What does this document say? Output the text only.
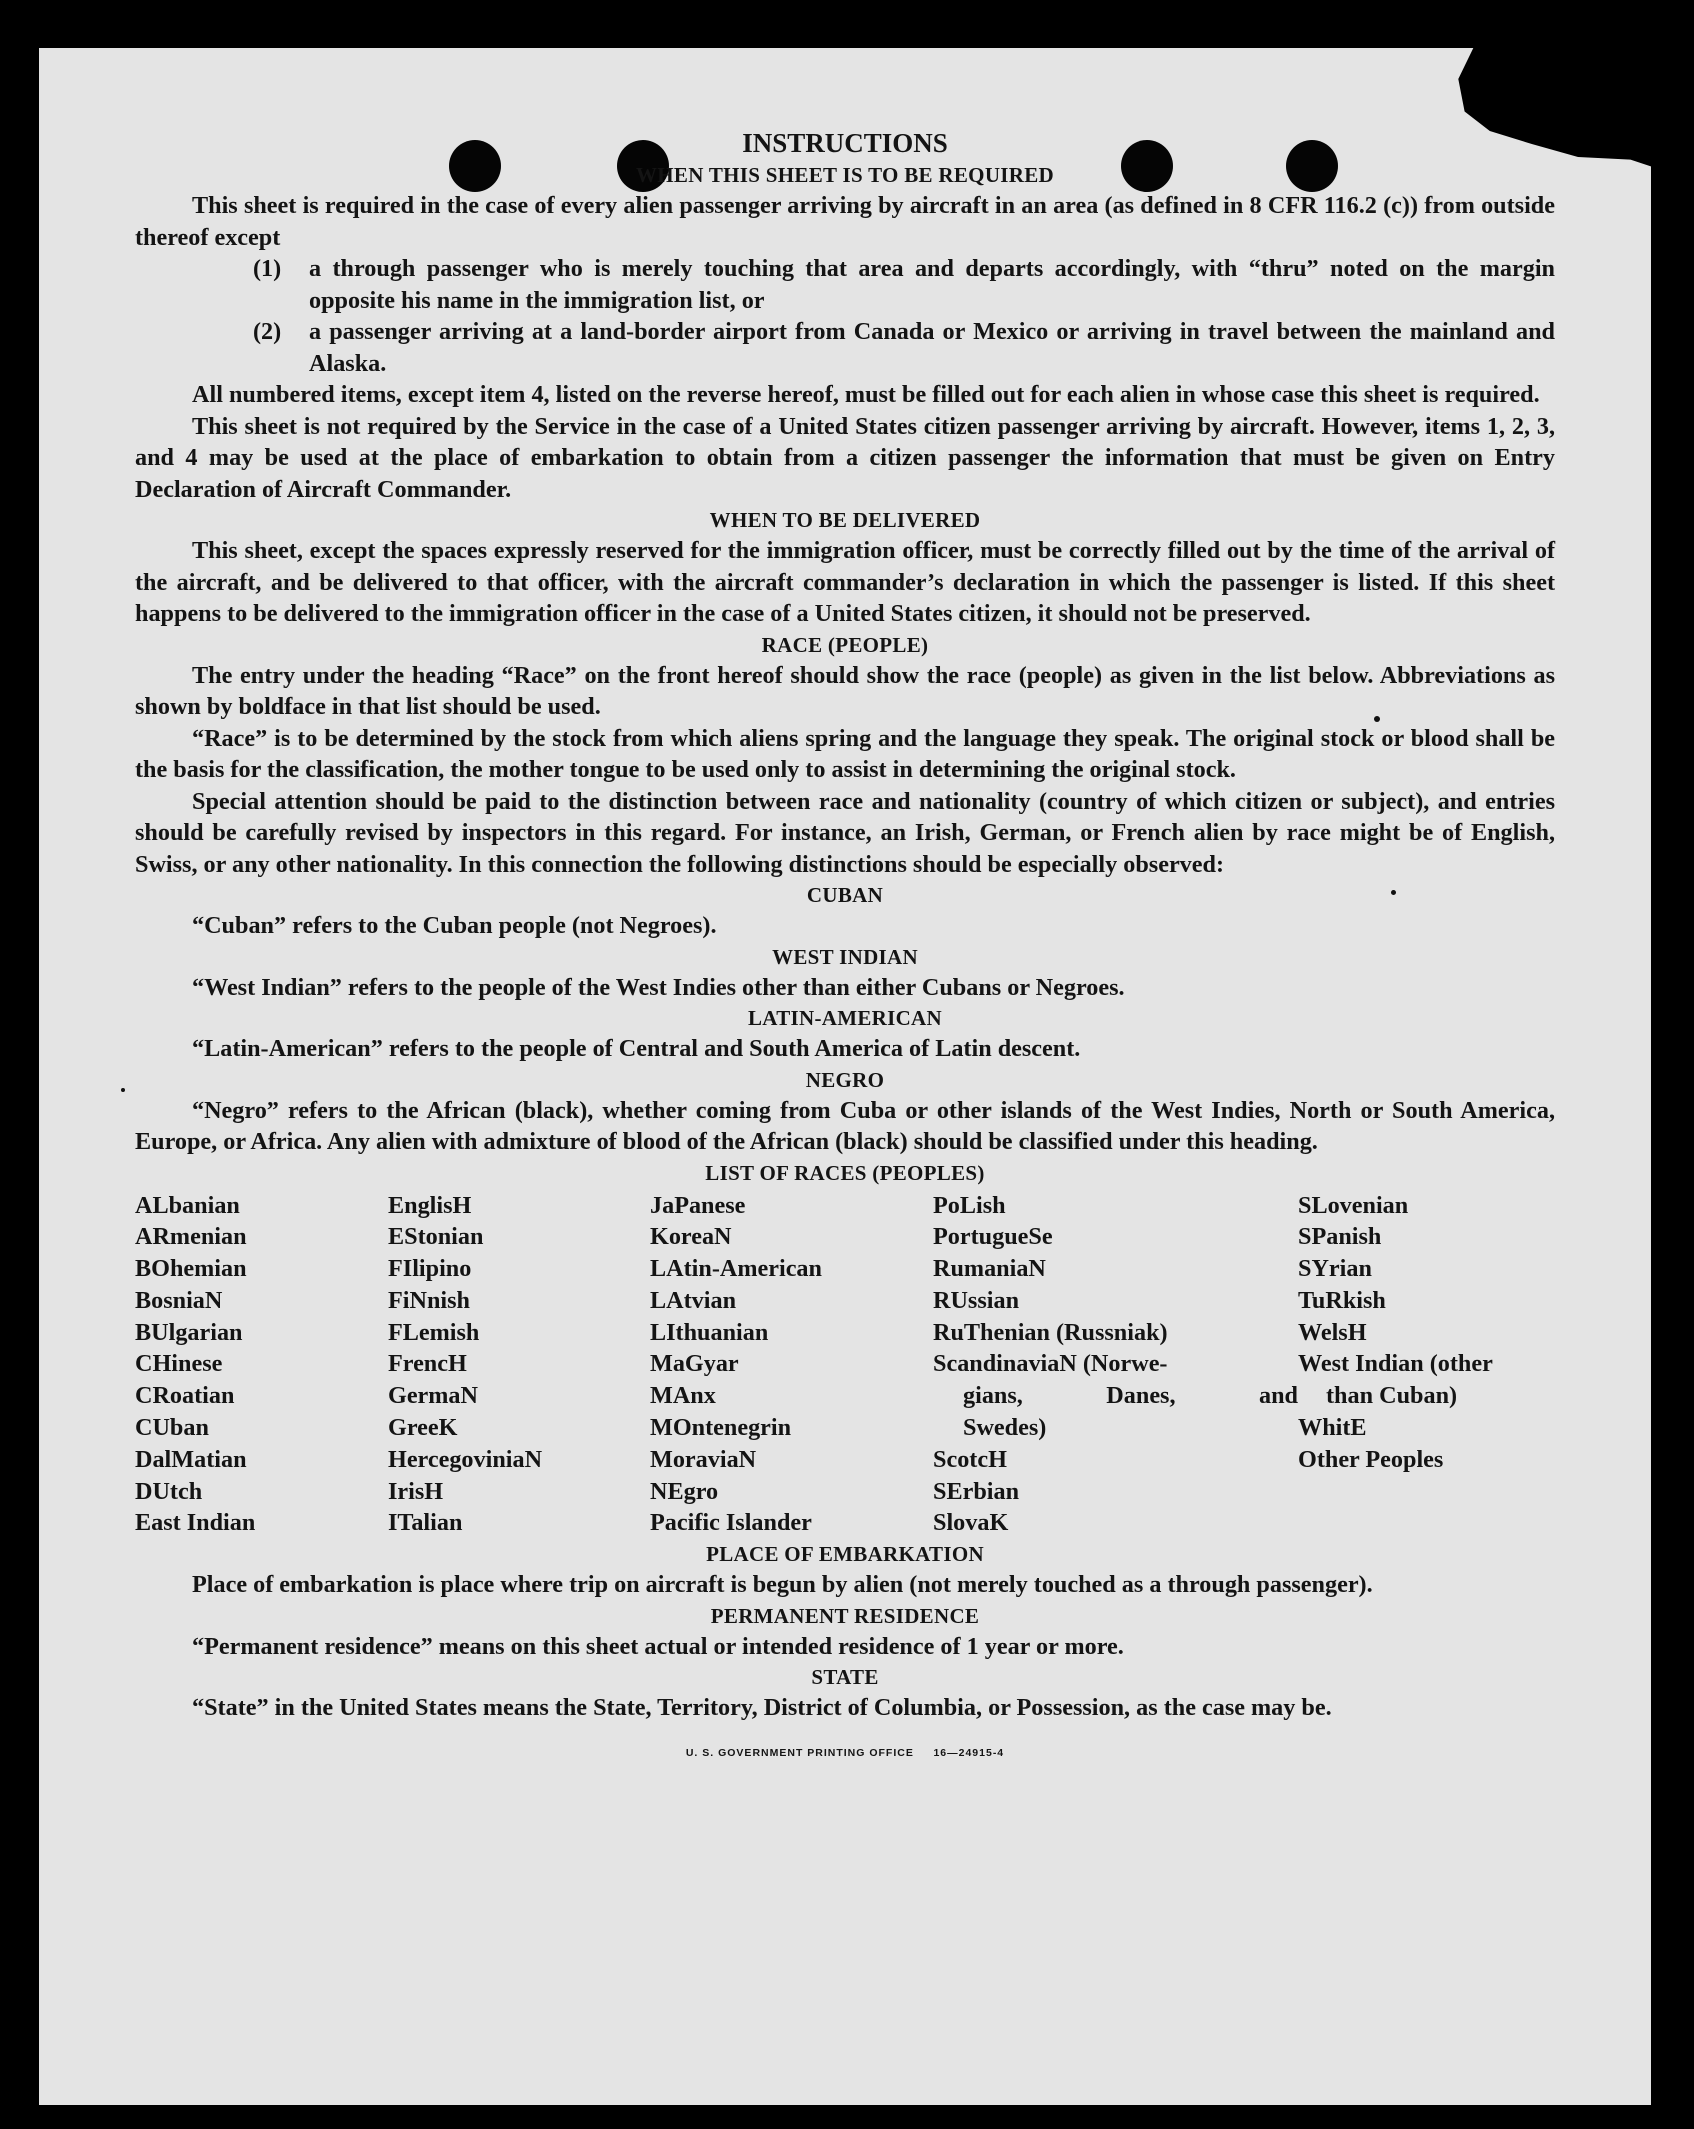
INSTRUCTIONS
WHEN THIS SHEET IS TO BE REQUIRED

This sheet is required in the case of every alien passenger arriving by aircraft in an area (as defined in 8 CFR 116.2 (c)) from outside thereof except

(1)	a through passenger who is merely touching that area and departs accordingly, with “thru” noted on the margin opposite his name in the immigration list, or
(2)	a passenger arriving at a land-border airport from Canada or Mexico or arriving in travel between the mainland and Alaska.

All numbered items, except item 4, listed on the reverse hereof, must be filled out for each alien in whose case this sheet is required.

This sheet is not required by the Service in the case of a United States citizen passenger arriving by aircraft. However, items 1, 2, 3, and 4 may be used at the place of embarkation to obtain from a citizen passenger the information that must be given on Entry Declaration of Aircraft Commander.

WHEN TO BE DELIVERED

This sheet, except the spaces expressly reserved for the immigration officer, must be correctly filled out by the time of the arrival of the aircraft, and be delivered to that officer, with the aircraft commander’s declaration in which the passenger is listed. If this sheet happens to be delivered to the immigration officer in the case of a United States citizen, it should not be preserved.

RACE (PEOPLE)

The entry under the heading “Race” on the front hereof should show the race (people) as given in the list below. Abbreviations as shown by boldface in that list should be used.

“Race” is to be determined by the stock from which aliens spring and the language they speak. The original stock or blood shall be the basis for the classification, the mother tongue to be used only to assist in determining the original stock.

Special attention should be paid to the distinction between race and nationality (country of which citizen or subject), and entries should be carefully revised by inspectors in this regard. For instance, an Irish, German, or French alien by race might be of English, Swiss, or any other nationality. In this connection the following distinctions should be especially observed:

CUBAN

“Cuban” refers to the Cuban people (not Negroes).

WEST INDIAN

“West Indian” refers to the people of the West Indies other than either Cubans or Negroes.

LATIN-AMERICAN

“Latin-American” refers to the people of Central and South America of Latin descent.

NEGRO

“Negro” refers to the African (black), whether coming from Cuba or other islands of the West Indies, North or South America, Europe, or Africa. Any alien with admixture of blood of the African (black) should be classified under this heading.

LIST OF RACES (PEOPLES)
ALbanian
ARmenian
BOhemian
BosniaN
BUlgarian
CHinese
CRoatian
CUban
DalMatian
DUtch
East Indian
EnglisH
EStonian
FIlipino
FiNnish
FLemish
FrencH
GermaN
GreeK
HercegoviniaN
IrisH
ITalian
JaPanese
KoreaN
LAtin-American
LAtvian
LIthuanian
MaGyar
MAnx
MOntenegrin
MoraviaN
NEgro
Pacific Islander
PoLish
PortugueSe
RumaniaN
RUssian
RuThenian (Russniak)
ScandinaviaN (Norwe-
gians, Danes, and
Swedes)
ScotcH
SErbian
SlovaK
SLovenian
SPanish
SYrian
TuRkish
WelsH
West Indian (other
than Cuban)
WhitE
Other Peoples
PLACE OF EMBARKATION

Place of embarkation is place where trip on aircraft is begun by alien (not merely touched as a through passenger).

PERMANENT RESIDENCE

“Permanent residence” means on this sheet actual or intended residence of 1 year or more.

STATE

“State” in the United States means the State, Territory, District of Columbia, or Possession, as the case may be.

U. S. GOVERNMENT PRINTING OFFICE     16—24915-4
